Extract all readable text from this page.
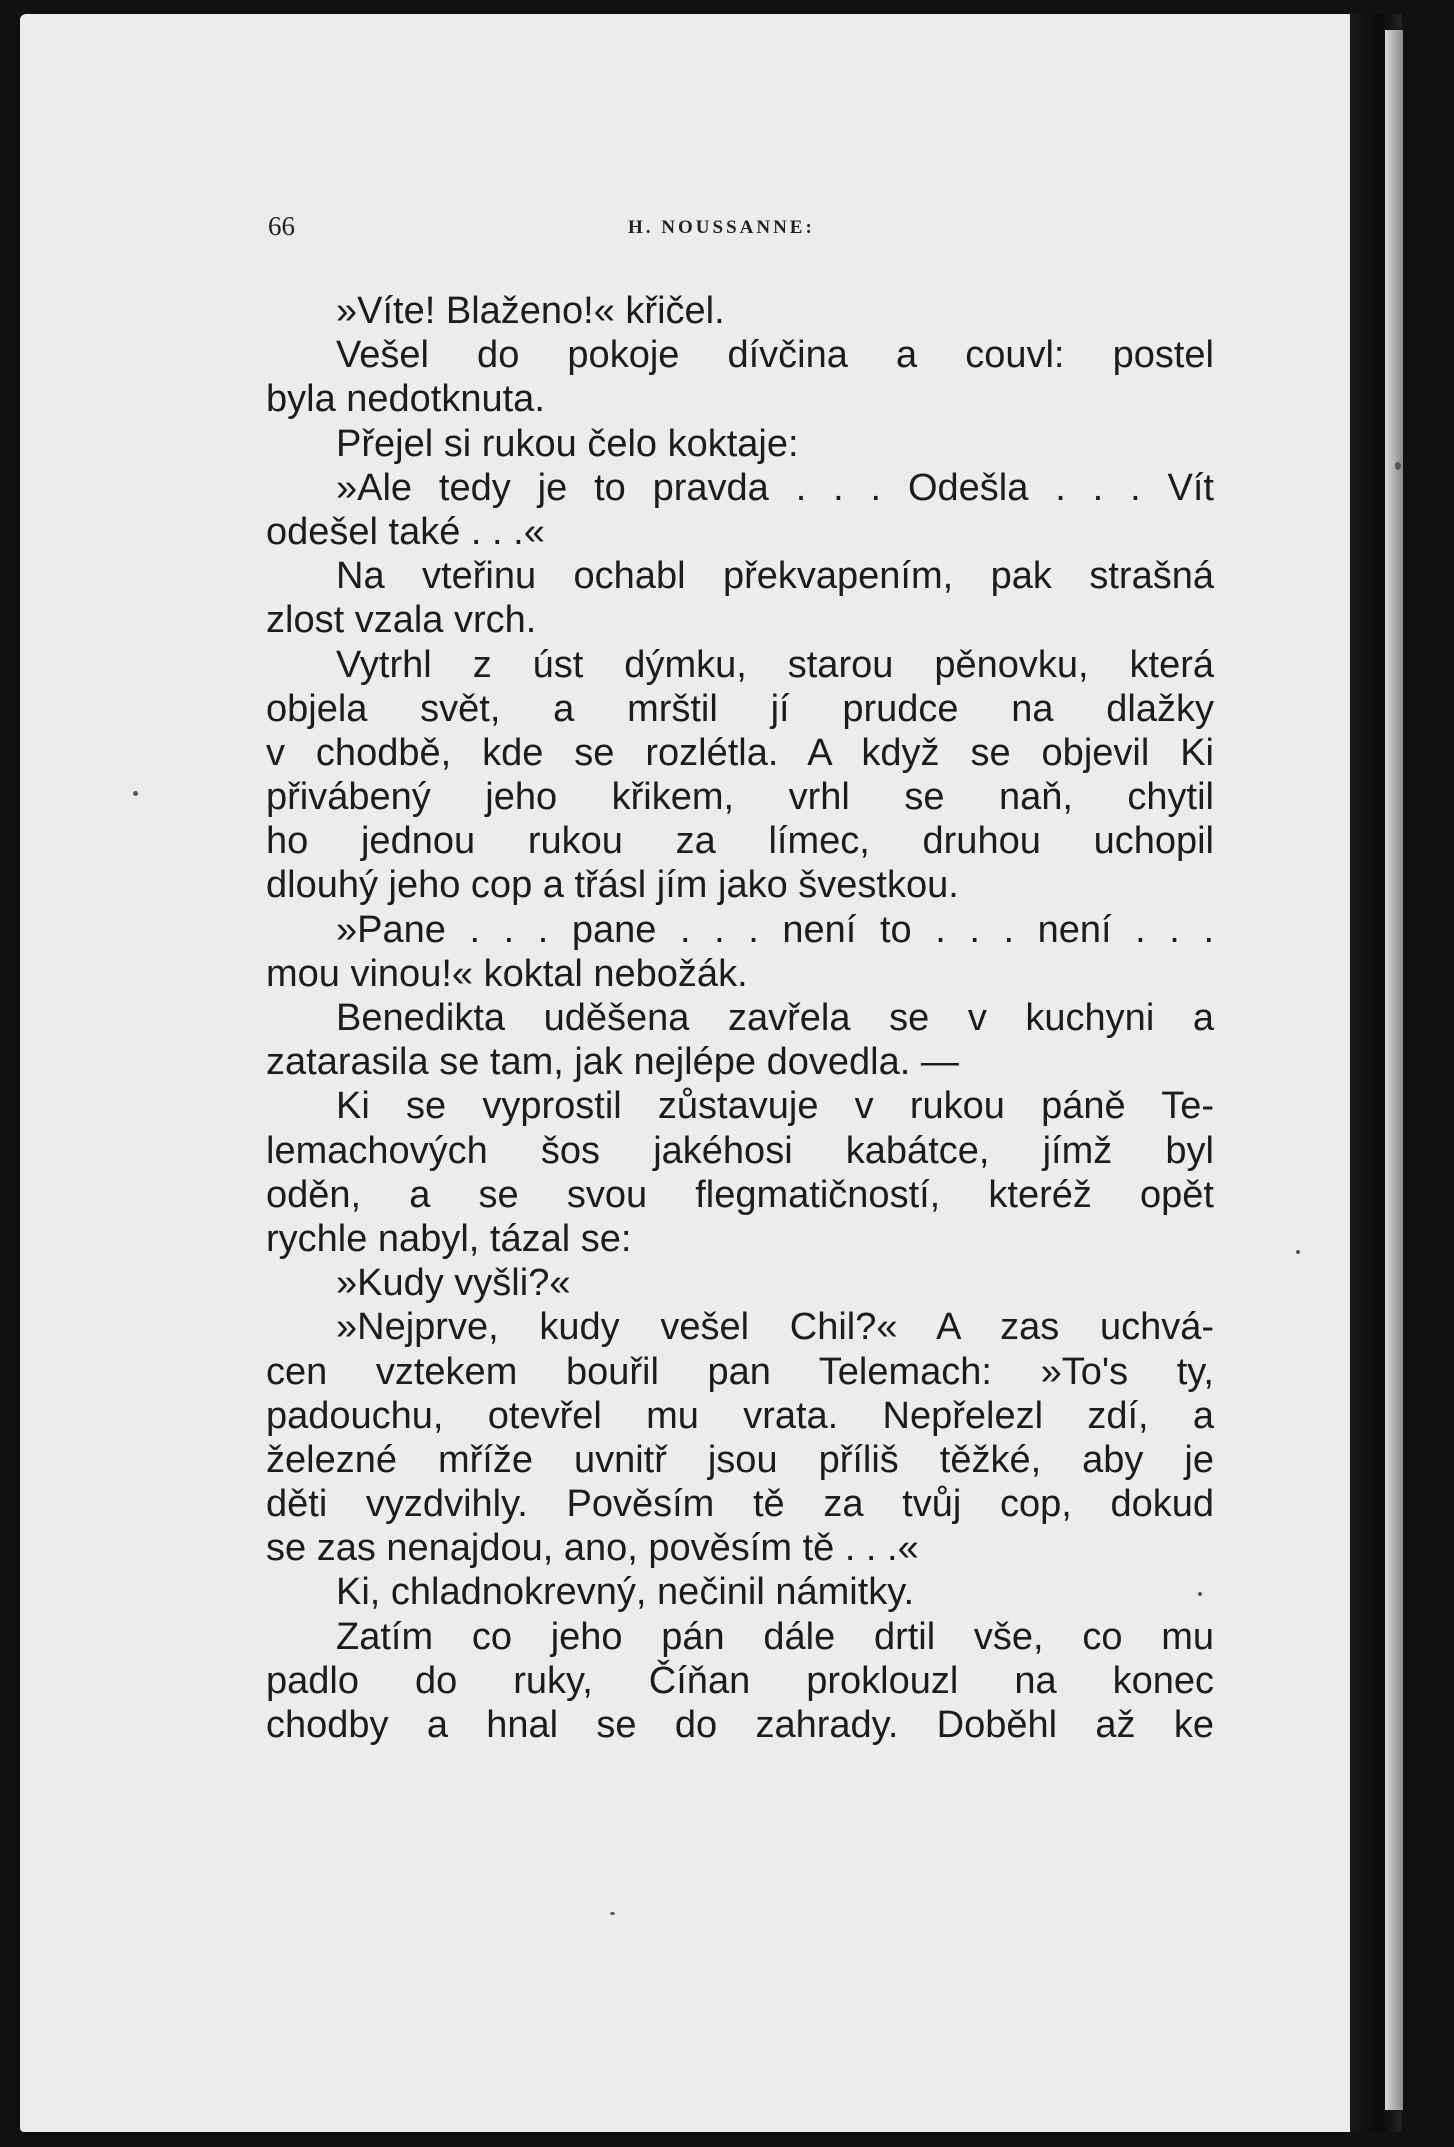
66	H. NOUSSANNE:
»Víte! Blaženo!« křičel.
Vešel do pokoje dívčina a couvl: postel
byla nedotknuta.
Přejel si rukou čelo koktaje:
»Ale tedy je to pravda . . . Odešla . . . Vít
odešel také . . .«
Na vteřinu ochabl překvapením, pak strašná
zlost vzala vrch.
Vytrhl z úst dýmku, starou pěnovku, která
objela svět, a mrštil jí prudce na dlažky
v chodbě, kde se rozlétla. A když se objevil Ki
přivábený jeho křikem, vrhl se naň, chytil
ho jednou rukou za límec, druhou uchopil
dlouhý jeho cop a třásl jím jako švestkou.
»Pane . . . pane . . . není to . . . není . . .
mou vinou!« koktal nebožák.
Benedikta uděšena zavřela se v kuchyni a
zatarasila se tam, jak nejlépe dovedla. —
Ki se vyprostil zůstavuje v rukou páně Te-
lemachových šos jakéhosi kabátce, jímž byl
oděn, a se svou flegmatičností, kteréž opět
rychle nabyl, tázal se:
»Kudy vyšli?«
»Nejprve, kudy vešel Chil?« A zas uchvá-
cen vztekem bouřil pan Telemach: »To's ty,
padouchu, otevřel mu vrata. Nepřelezl zdí, a
železné mříže uvnitř jsou příliš těžké, aby je
děti vyzdvihly. Pověsím tě za tvůj cop, dokud
se zas nenajdou, ano, pověsím tě . . .«
Ki, chladnokrevný, nečinil námitky.
Zatím co jeho pán dále drtil vše, co mu
padlo do ruky, Číňan proklouzl na konec
chodby a hnal se do zahrady. Doběhl až ke
